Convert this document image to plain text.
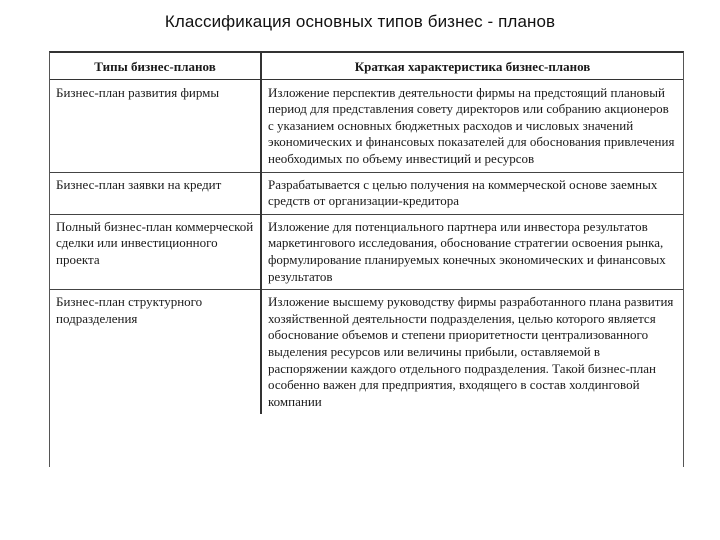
Классификация основных типов бизнес - планов
Типы бизнес-планов	Краткая характеристика бизнес-планов
Бизнес-план развития фирмы	Изложение перспектив деятельности фирмы на предстоящий плановый период для представления совету директоров или собранию акционеров с указанием основных бюджетных расходов и числовых значений экономических и финансовых показателей для обоснования привлечения необходимых по объему инвестиций и ресурсов
Бизнес-план заявки на кредит	Разрабатывается с целью получения на коммерческой основе заемных средств от организации-кредитора
Полный бизнес-план коммерческой сделки или инвестиционного проекта	Изложение для потенциального партнера или инвестора результатов маркетингового исследования, обоснование стратегии освоения рынка, формулирование планируемых конечных экономических и финансовых результатов
Бизнес-план структурного подразделения	Изложение высшему руководству фирмы разработанного плана развития хозяйственной деятельности подразделения, целью которого является обоснование объемов и степени приоритетности централизованного выделения ресурсов или величины прибыли, оставляемой в распоряжении каждого отдельного подразделения. Такой бизнес-план особенно важен для предприятия, входящего в состав холдинговой компании
